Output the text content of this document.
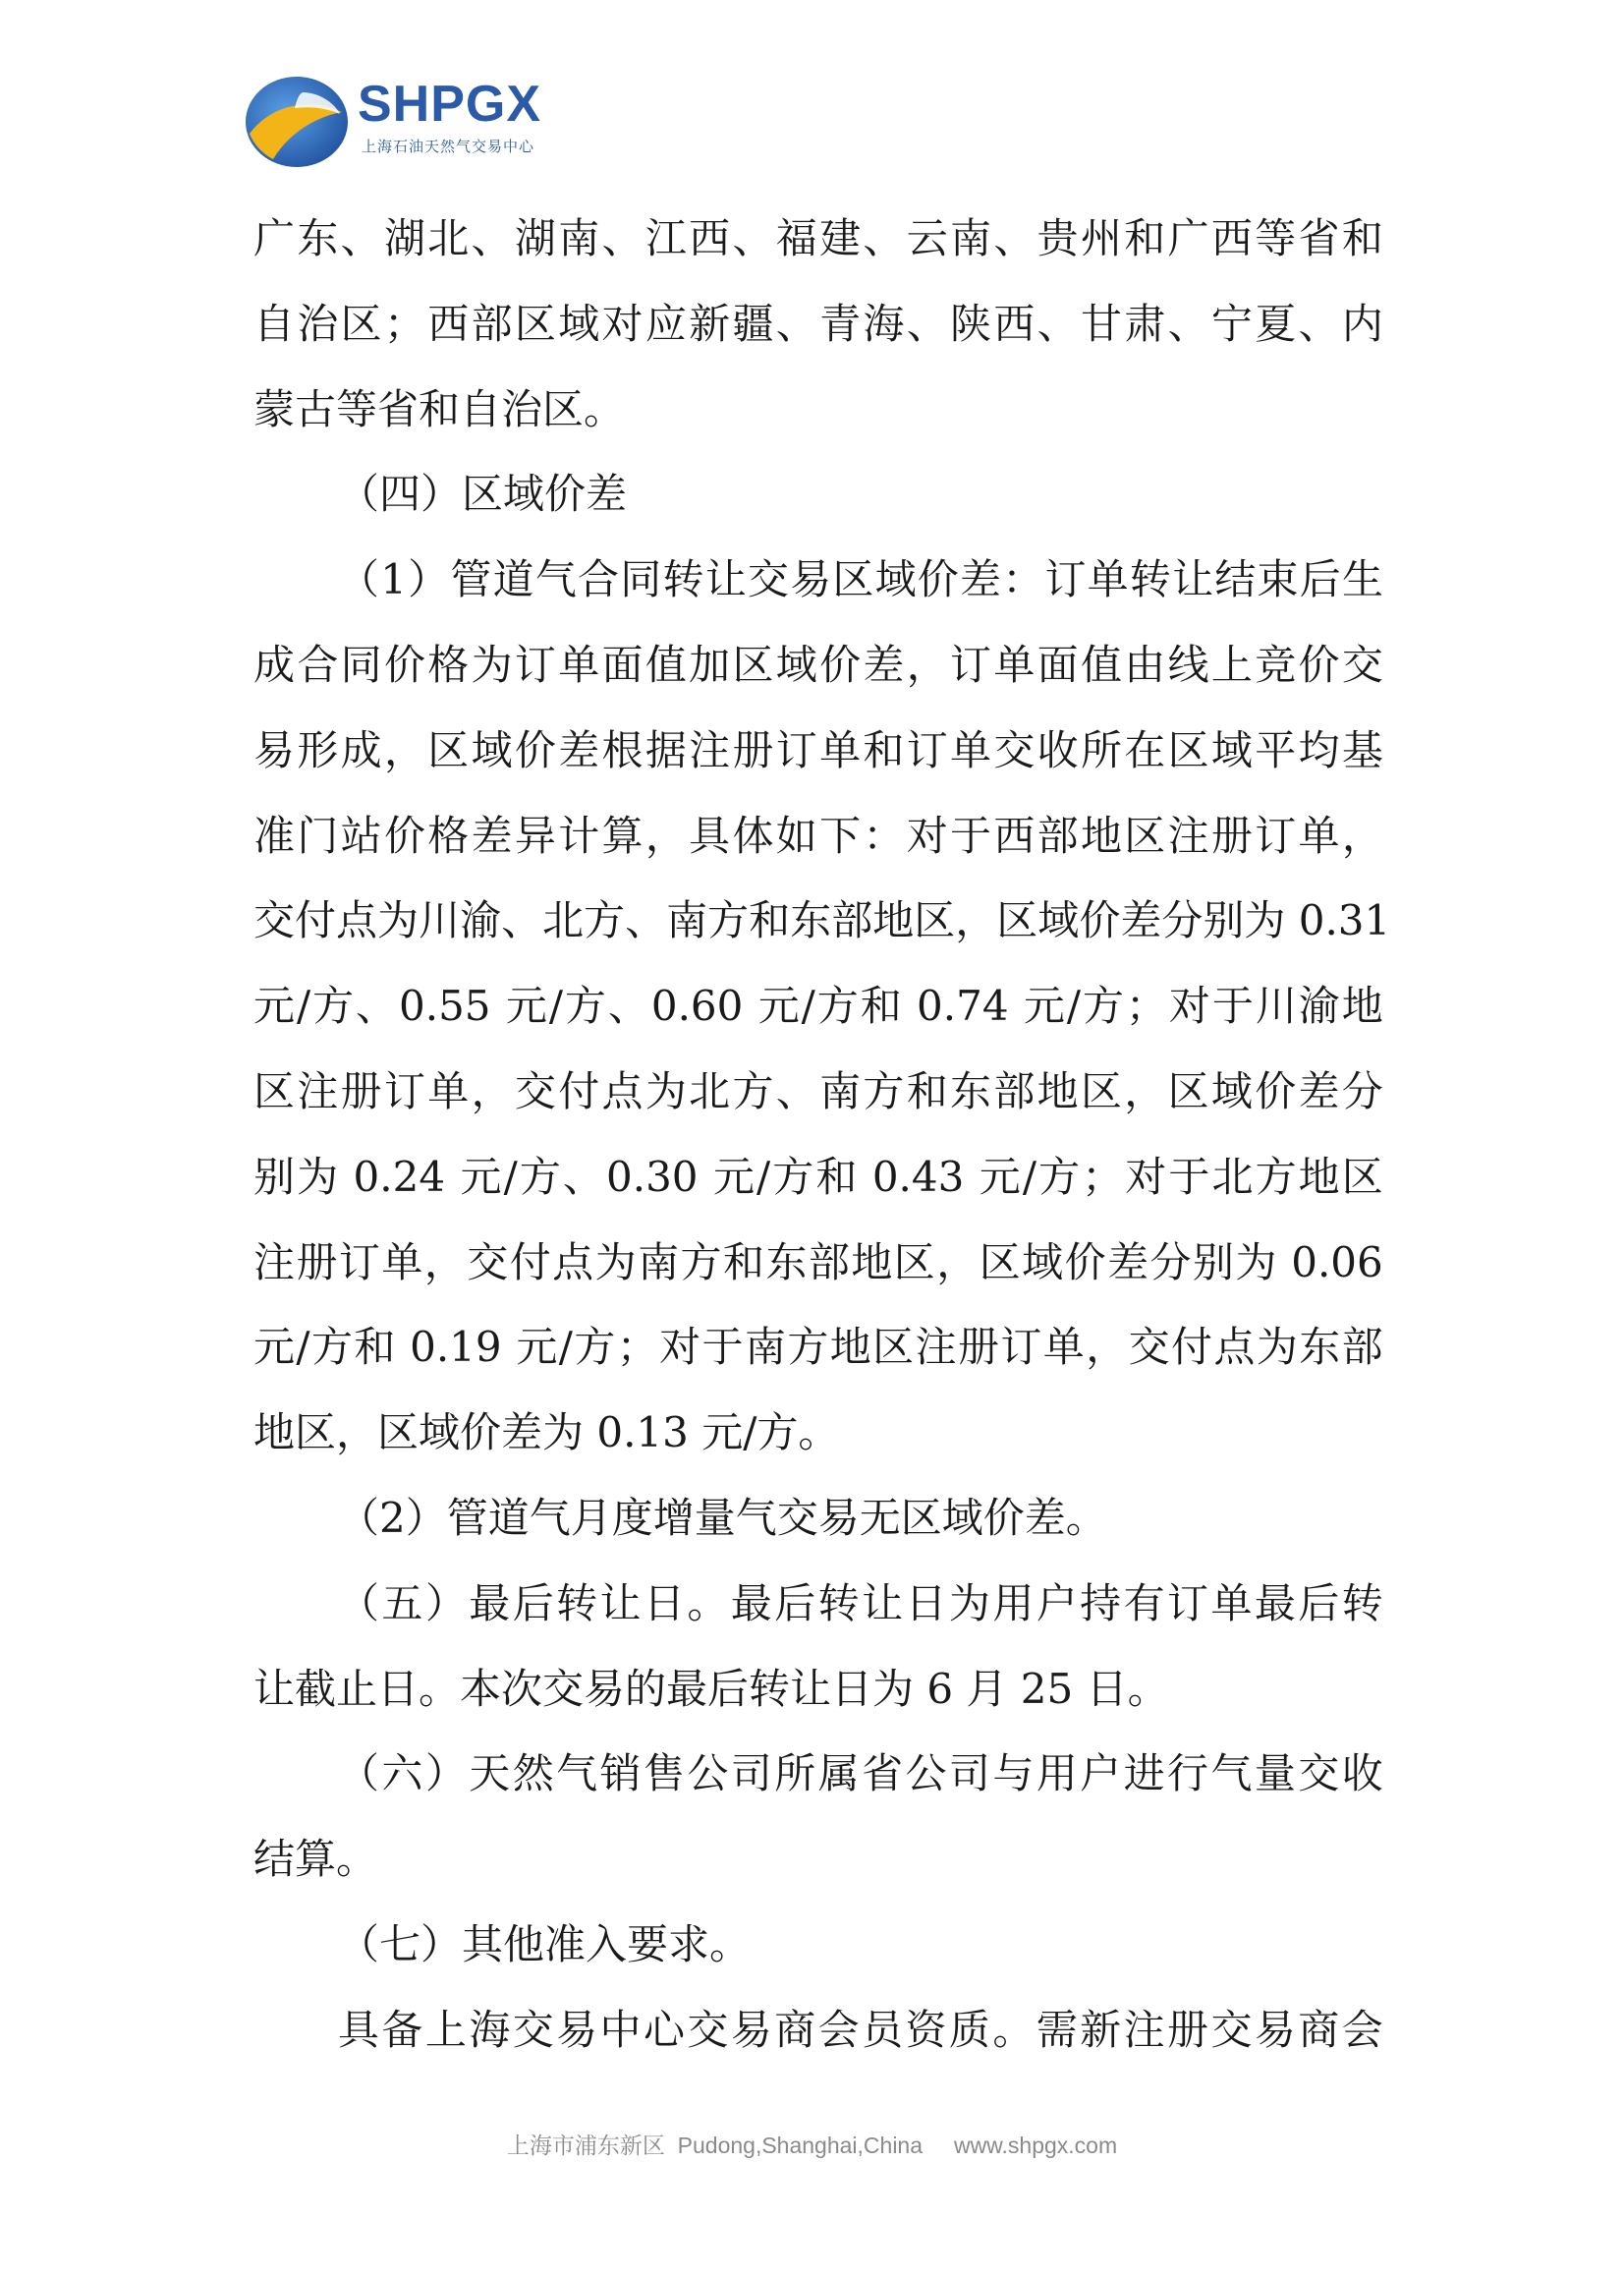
SHPGX
上海石油天然气交易中心
广 东 、 湖 北 、 湖 南 、 江 西 、 福 建 、 云 南 、 贵 州 和 广 西 等 省 和
自 治 区 ； 西 部 区 域 对 应 新 疆 、 青 海 、 陕 西 、 甘 肃 、 宁 夏 、 内
蒙古等省和自治区。
（四）区域价差
（ 1 ） 管 道 气 合 同 转 让 交 易 区 域 价 差 ： 订 单 转 让 结 束 后 生
成 合 同 价 格 为 订 单 面 值 加 区 域 价 差 ， 订 单 面 值 由 线 上 竞 价 交
易 形 成 ， 区 域 价 差 根 据 注 册 订 单 和 订 单 交 收 所 在 区 域 平 均 基
准 门 站 价 格 差 异 计 算 ， 具 体 如 下 ： 对 于 西 部 地 区 注 册 订 单 ，
交 付 点 为 川 渝 、 北 方 、 南 方 和 东 部 地 区 ， 区 域 价 差 分 别 为 0.31
元 / 方 、 0.55 元 / 方 、 0.60 元 / 方 和 0.74 元 / 方 ； 对 于 川 渝 地
区 注 册 订 单 ， 交 付 点 为 北 方 、 南 方 和 东 部 地 区 ， 区 域 价 差 分
别 为 0.24 元 / 方 、 0.30 元 / 方 和 0.43 元 / 方 ； 对 于 北 方 地 区
注 册 订 单 ， 交 付 点 为 南 方 和 东 部 地 区 ， 区 域 价 差 分 别 为 0.06
元 / 方 和 0.19 元 / 方 ； 对 于 南 方 地 区 注 册 订 单 ， 交 付 点 为 东 部
地区，区域价差为 0.13 元/方。
（2）管道气月度增量气交易无区域价差。
（ 五 ） 最 后 转 让 日 。 最 后 转 让 日 为 用 户 持 有 订 单 最 后 转
让截止日。本次交易的最后转让日为 6 月 25 日。
（ 六 ） 天 然 气 销 售 公 司 所 属 省 公 司 与 用 户 进 行 气 量 交 收
结算。
（七）其他准入要求。
具 备 上 海 交 易 中 心 交 易 商 会 员 资 质 。 需 新 注 册 交 易 商 会
上海市浦东新区  Pudong,Shanghai,China     www.shpgx.com
